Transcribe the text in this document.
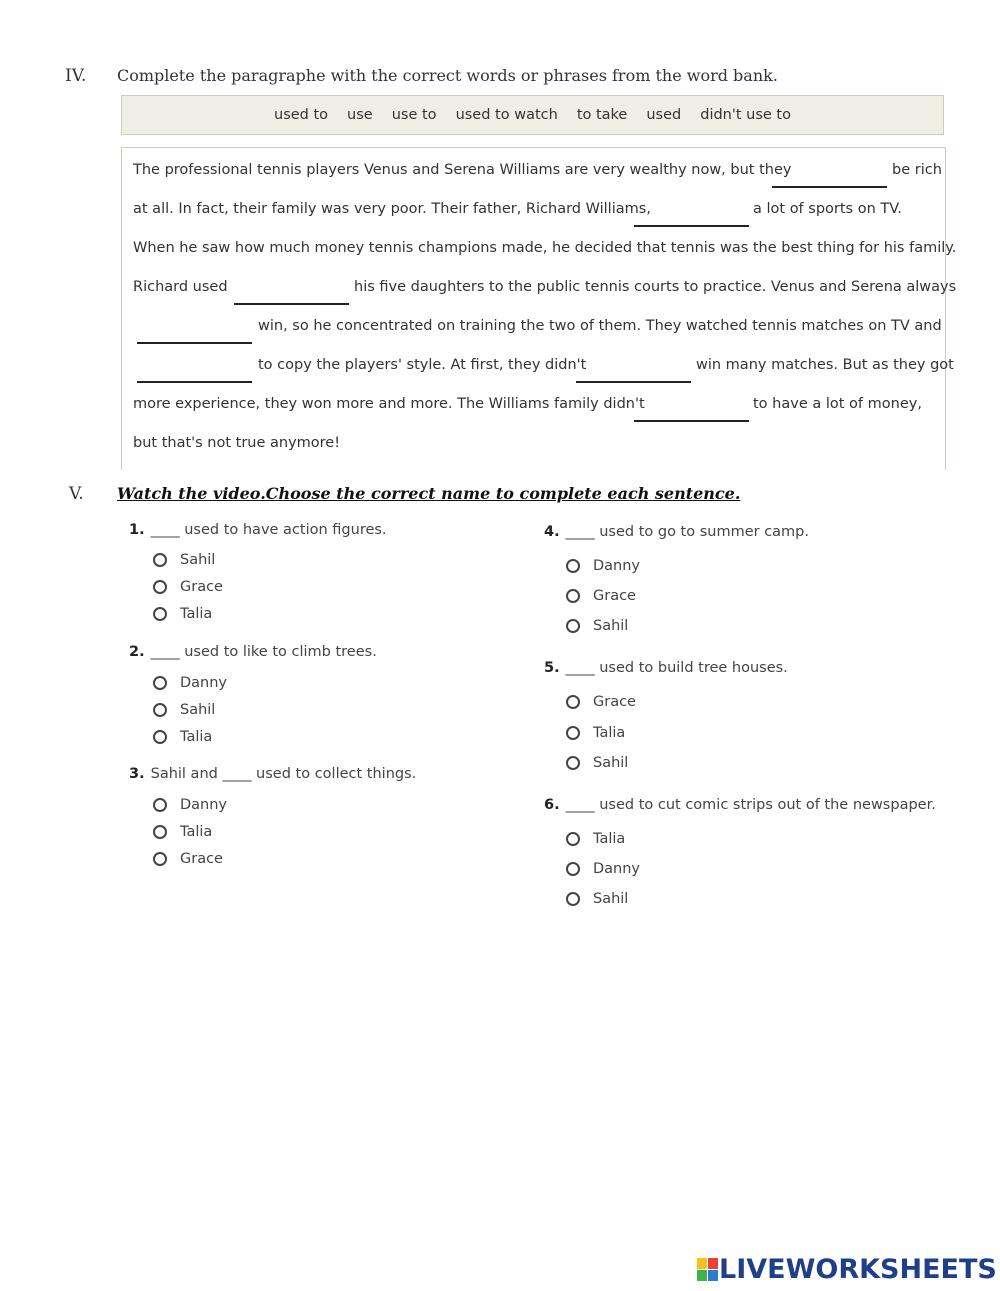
IV. Complete the paragraphe with the correct words or phrases from the word bank.
used to use use to used to watch to take used didn't use to
The professional tennis players Venus and Serena Williams are very wealthy now, but they	be rich
at all. In fact, their family was very poor. Their father, Richard Williams,	a lot of sports on TV.
When he saw how much money tennis champions made, he decided that tennis was the best thing for his family.
Richard used	his five daughters to the public tennis courts to practice. Venus and Serena always
win, so he concentrated on training the two of them. They watched tennis matches on TV and
to copy the players' style. At first, they didn't	win many matches. But as they got
more experience, they won more and more. The Williams family didn't	to have a lot of money,
but that's not true anymore!
V. Watch the video.Choose the correct name to complete each sentence.
1. ____ used to have action figures.
Sahil
Grace
Talia
2. ____ used to like to climb trees.
Danny
Sahil
Talia
3. Sahil and ____ used to collect things.
Danny
Talia
Grace
4. ____ used to go to summer camp.
Danny
Grace
Sahil
5. ____ used to build tree houses.
Grace
Talia
Sahil
6. ____ used to cut comic strips out of the newspaper.
Talia
Danny
Sahil
LIVEWORKSHEETS
